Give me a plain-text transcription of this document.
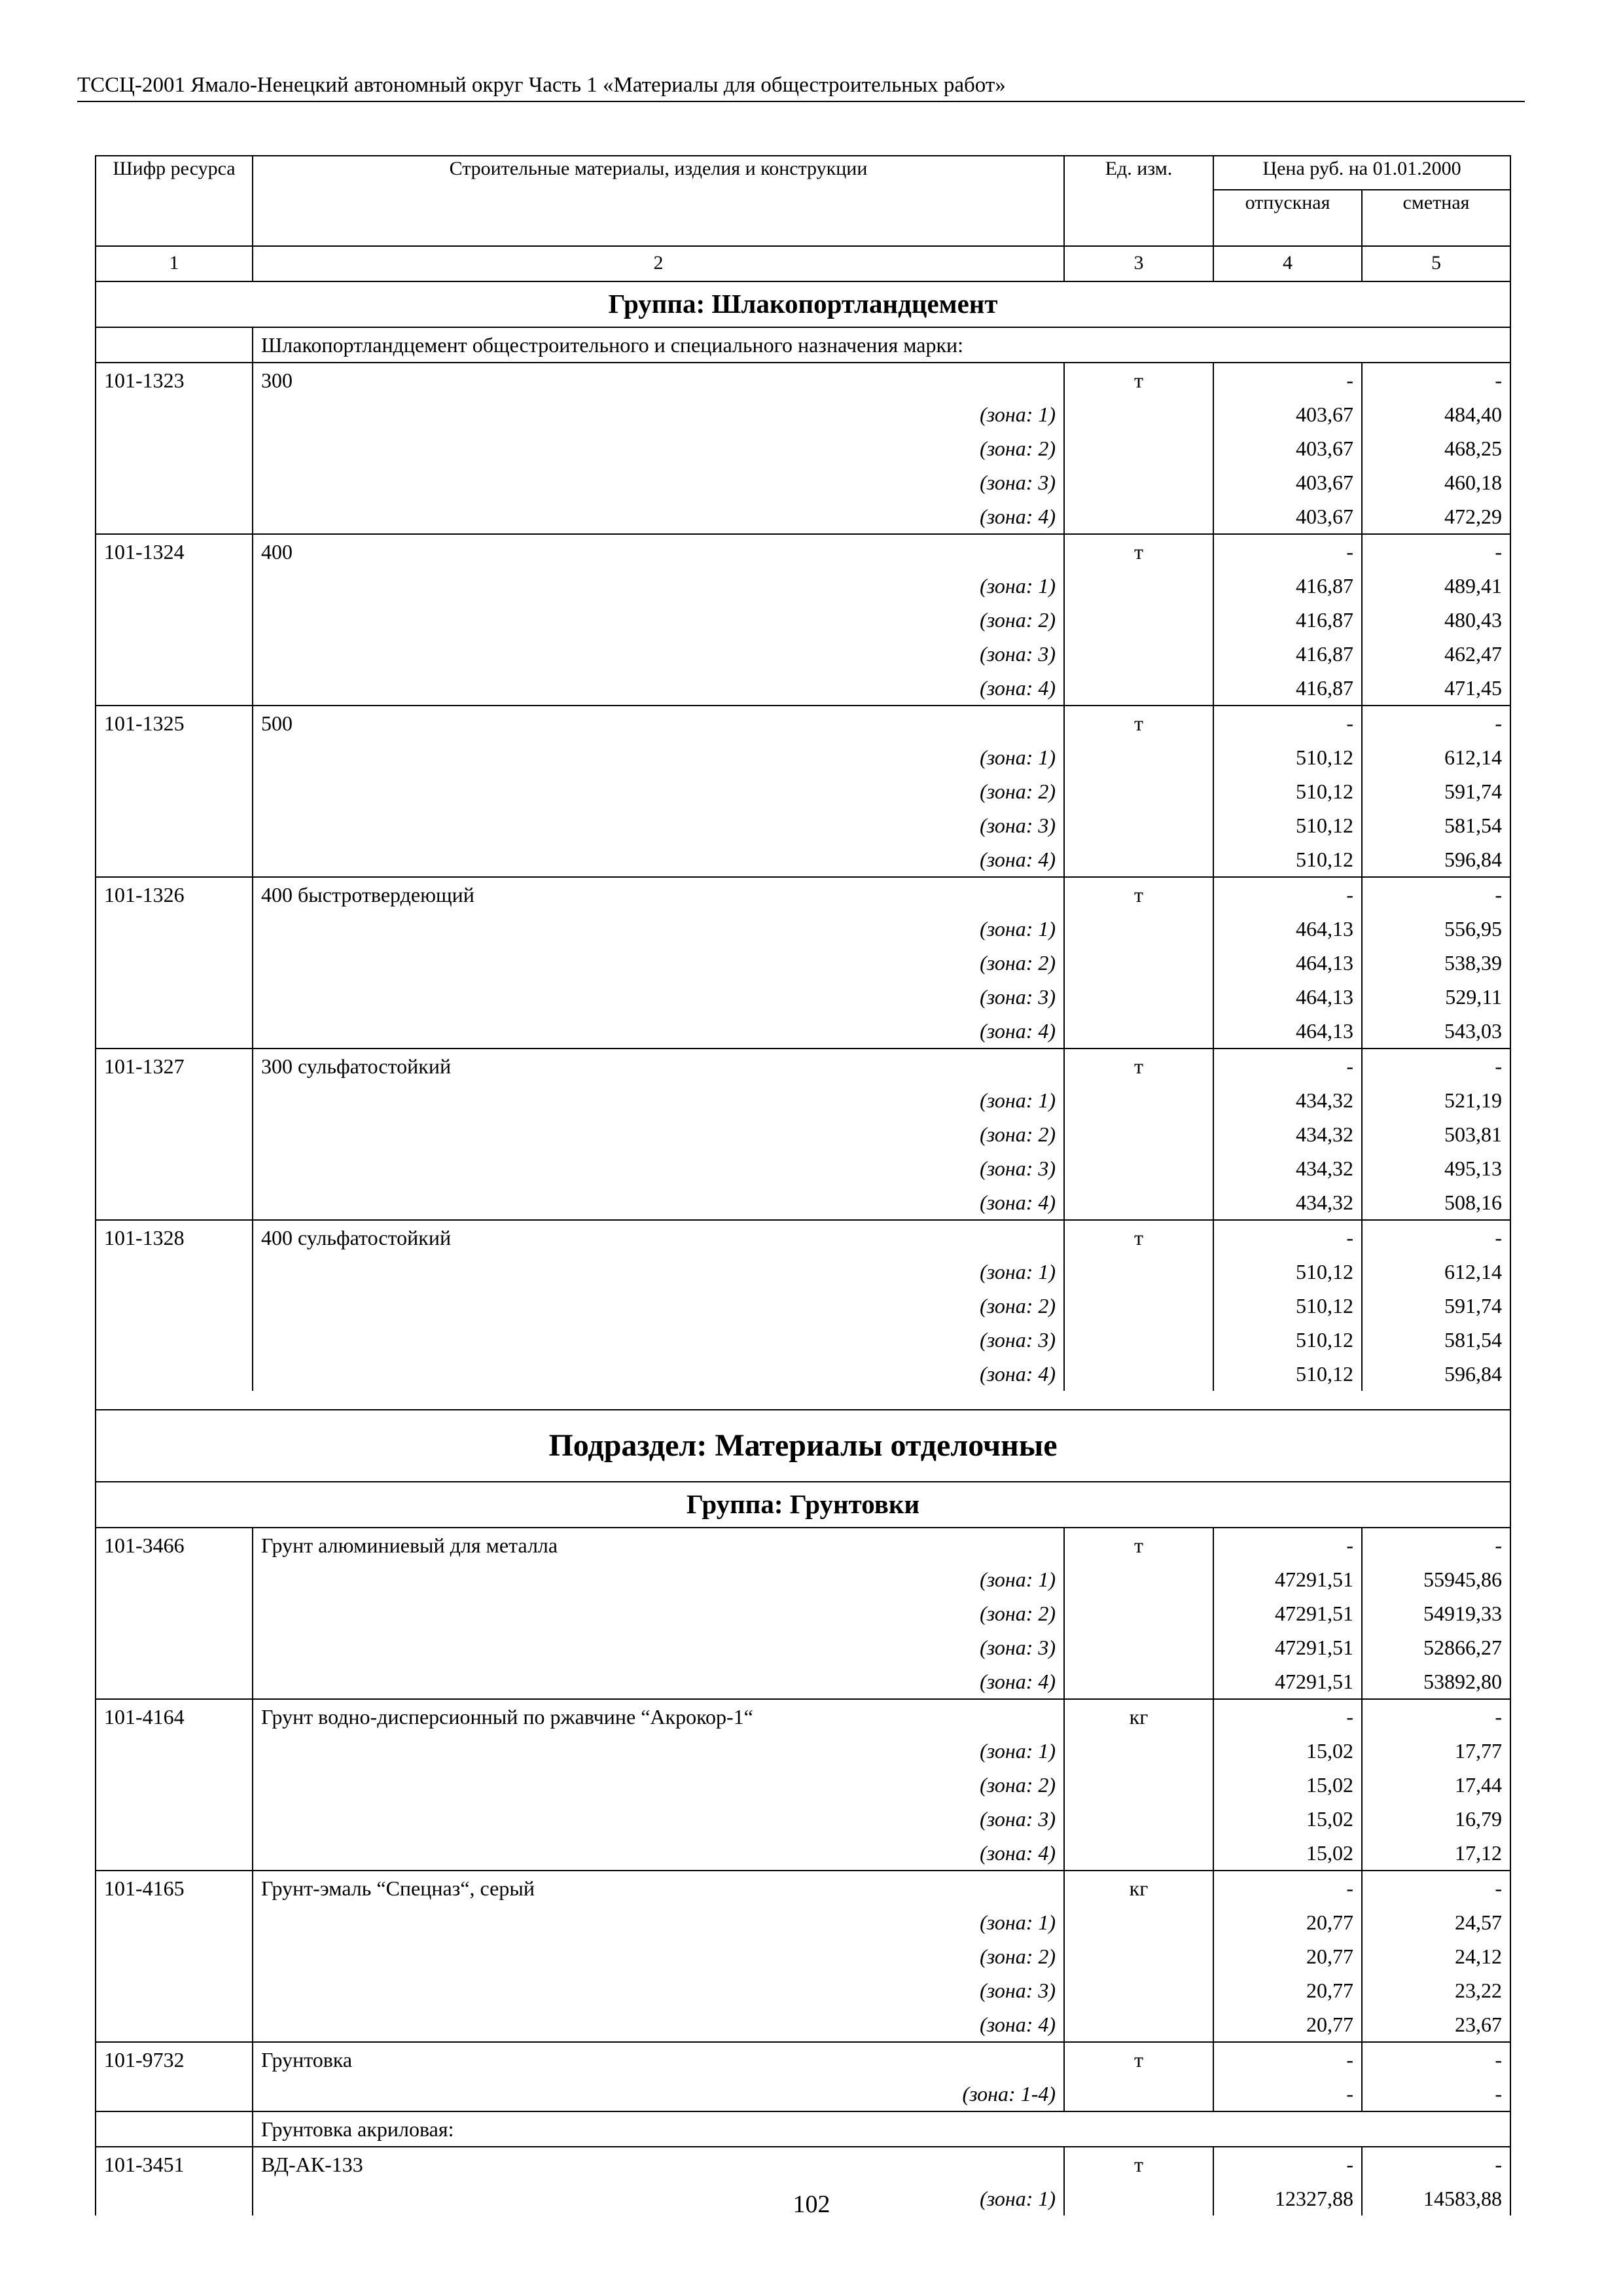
ТССЦ-2001 Ямало-Ненецкий автономный округ Часть 1 «Материалы для общестроительных работ»
Шифр ресурса	Строительные материалы, изделия и конструкции	Ед. изм.	Цена руб. на 01.01.2000	
			отпускная	сметная
1	2	3	4	5
Группа: Шлакопортландцемент				
	Шлакопортландцемент общестроительного и специального назначения марки:			
101-1323	300	т	-	-
	(зона: 1)		403,67	484,40
	(зона: 2)		403,67	468,25
	(зона: 3)		403,67	460,18
	(зона: 4)		403,67	472,29
101-1324	400	т	-	-
	(зона: 1)		416,87	489,41
	(зона: 2)		416,87	480,43
	(зона: 3)		416,87	462,47
	(зона: 4)		416,87	471,45
101-1325	500	т	-	-
	(зона: 1)		510,12	612,14
	(зона: 2)		510,12	591,74
	(зона: 3)		510,12	581,54
	(зона: 4)		510,12	596,84
101-1326	400 быстротвердеющий	т	-	-
	(зона: 1)		464,13	556,95
	(зона: 2)		464,13	538,39
	(зона: 3)		464,13	529,11
	(зона: 4)		464,13	543,03
101-1327	300 сульфатостойкий	т	-	-
	(зона: 1)		434,32	521,19
	(зона: 2)		434,32	503,81
	(зона: 3)		434,32	495,13
	(зона: 4)		434,32	508,16
101-1328	400 сульфатостойкий	т	-	-
	(зона: 1)		510,12	612,14
	(зона: 2)		510,12	591,74
	(зона: 3)		510,12	581,54
	(зона: 4)		510,12	596,84

Подраздел: Материалы отделочные				
Группа: Грунтовки				
101-3466	Грунт алюминиевый для металла	т	-	-
	(зона: 1)		47291,51	55945,86
	(зона: 2)		47291,51	54919,33
	(зона: 3)		47291,51	52866,27
	(зона: 4)		47291,51	53892,80
101-4164	Грунт водно-дисперсионный по ржавчине “Акрокор-1“	кг	-	-
	(зона: 1)		15,02	17,77
	(зона: 2)		15,02	17,44
	(зона: 3)		15,02	16,79
	(зона: 4)		15,02	17,12
101-4165	Грунт-эмаль “Спецназ“, серый	кг	-	-
	(зона: 1)		20,77	24,57
	(зона: 2)		20,77	24,12
	(зона: 3)		20,77	23,22
	(зона: 4)		20,77	23,67
101-9732	Грунтовка	т	-	-
	(зона: 1-4)		-	-
	Грунтовка акриловая:			
101-3451	ВД-АК-133	т	-	-
	(зона: 1)		12327,88	14583,88
102
